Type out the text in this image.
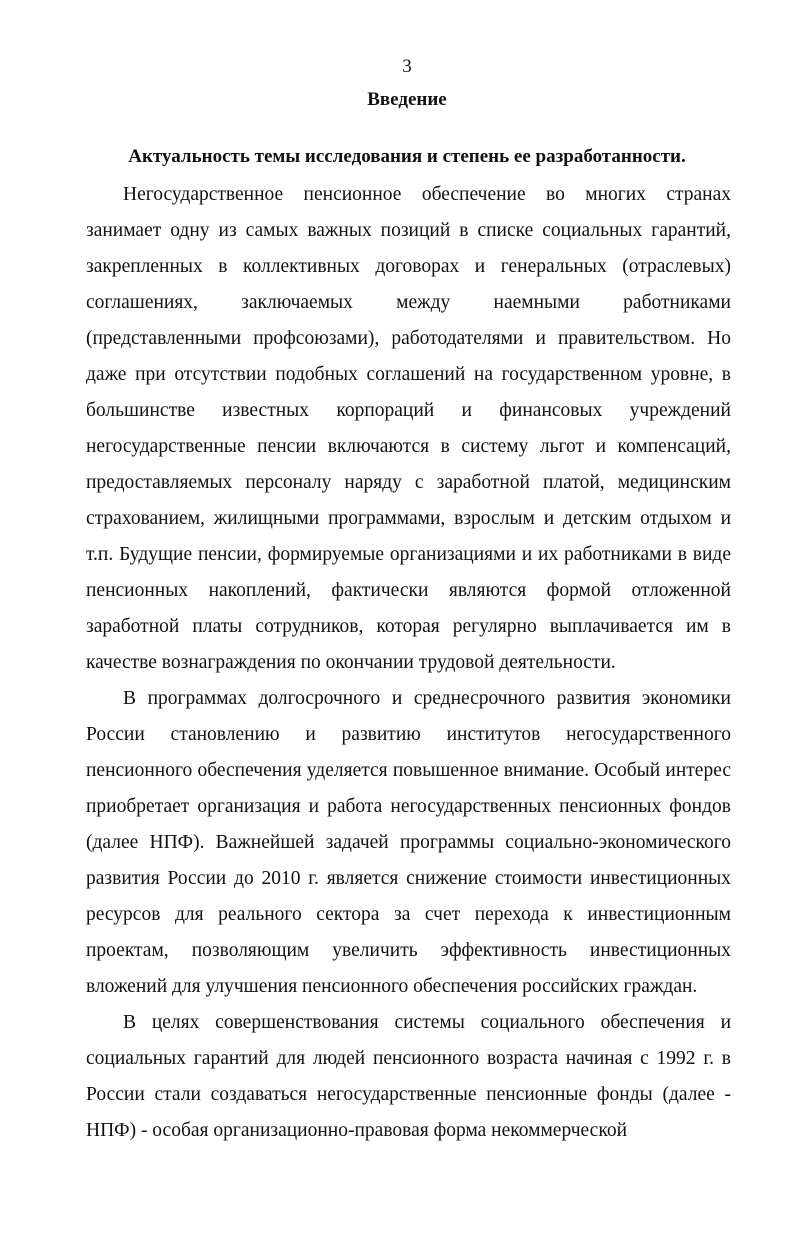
3
Введение
Актуальность темы исследования и степень ее разработанности.

Негосударственное пенсионное обеспечение во многих странах занимает одну из самых важных позиций в списке социальных гарантий, закрепленных в коллективных договорах и генеральных (отраслевых) соглашениях, заключаемых между наемными работниками (представленными профсоюзами), работодателями и правительством. Но даже при отсутствии подобных соглашений на государственном уровне, в большинстве известных корпораций и финансовых учреждений негосударственные пенсии включаются в систему льгот и компенсаций, предоставляемых персоналу наряду с заработной платой, медицинским страхованием, жилищными программами, взрослым и детским отдыхом и т.п. Будущие пенсии, формируемые организациями и их работниками в виде пенсионных накоплений, фактически являются формой отложенной заработной платы сотрудников, которая регулярно выплачивается им в качестве вознаграждения по окончании трудовой деятельности.

В программах долгосрочного и среднесрочного развития экономики России становлению и развитию институтов негосударственного пенсионного обеспечения уделяется повышенное внимание. Особый интерес приобретает организация и работа негосударственных пенсионных фондов (далее НПФ). Важнейшей задачей программы социально-экономического развития России до 2010 г. является снижение стоимости инвестиционных ресурсов для реального сектора за счет перехода к инвестиционным проектам, позволяющим увеличить эффективность инвестиционных вложений для улучшения пенсионного обеспечения российских граждан.

В целях совершенствования системы социального обеспечения и социальных гарантий для людей пенсионного возраста начиная с 1992 г. в России стали создаваться негосударственные пенсионные фонды (далее - НПФ) - особая организационно-правовая форма некоммерческой
